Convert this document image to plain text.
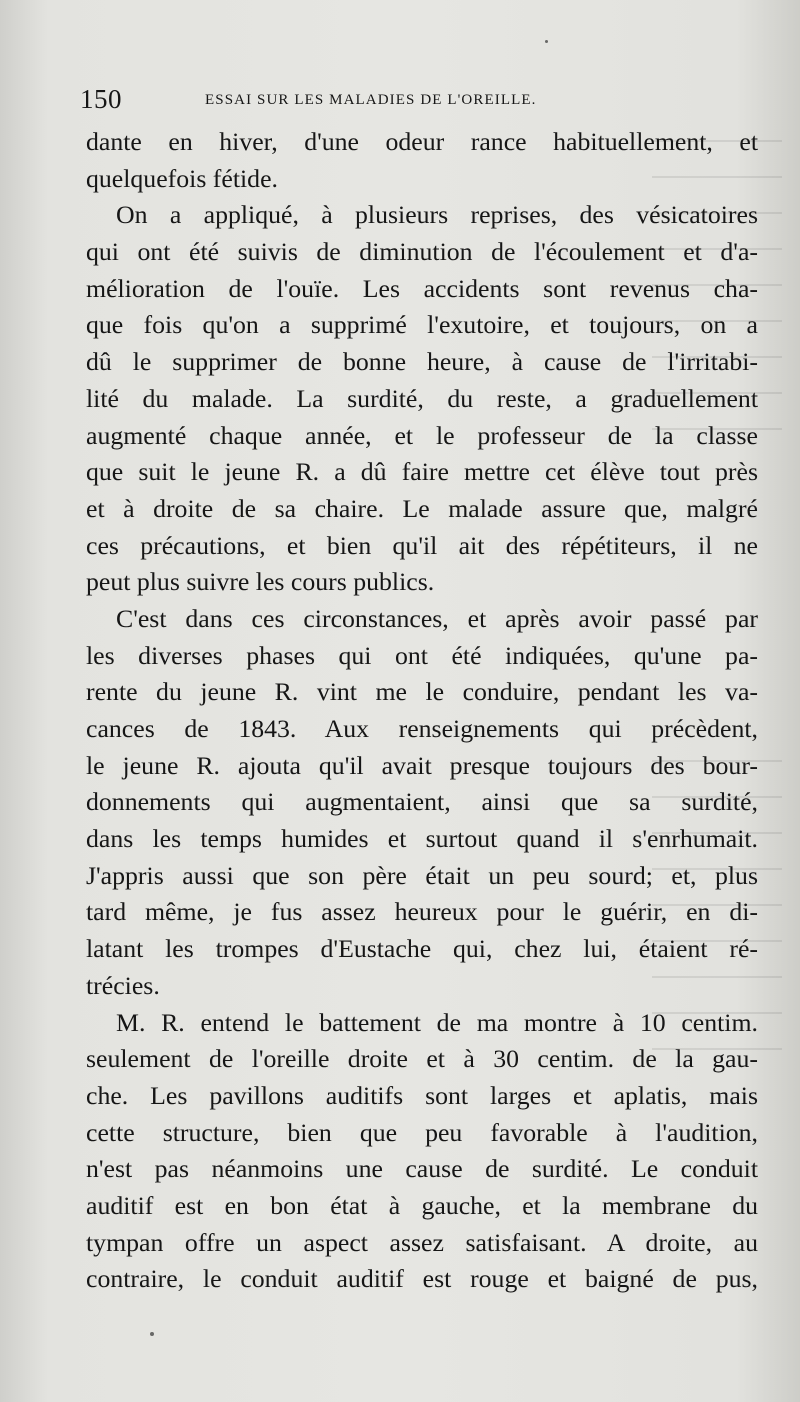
150	ESSAI SUR LES MALADIES DE L'OREILLE.
dante en hiver, d'une odeur rance habituellement, et
quelquefois fétide.
On a appliqué, à plusieurs reprises, des vésicatoires
qui ont été suivis de diminution de l'écoulement et d'a-
mélioration de l'ouïe. Les accidents sont revenus cha-
que fois qu'on a supprimé l'exutoire, et toujours, on a
dû le supprimer de bonne heure, à cause de l'irritabi-
lité du malade. La surdité, du reste, a graduellement
augmenté chaque année, et le professeur de la classe
que suit le jeune R. a dû faire mettre cet élève tout près
et à droite de sa chaire. Le malade assure que, malgré
ces précautions, et bien qu'il ait des répétiteurs, il ne
peut plus suivre les cours publics.
C'est dans ces circonstances, et après avoir passé par
les diverses phases qui ont été indiquées, qu'une pa-
rente du jeune R. vint me le conduire, pendant les va-
cances de 1843. Aux renseignements qui précèdent,
le jeune R. ajouta qu'il avait presque toujours des bour-
donnements qui augmentaient, ainsi que sa surdité,
dans les temps humides et surtout quand il s'enrhumait.
J'appris aussi que son père était un peu sourd; et, plus
tard même, je fus assez heureux pour le guérir, en di-
latant les trompes d'Eustache qui, chez lui, étaient ré-
trécies.
M. R. entend le battement de ma montre à 10 centim.
seulement de l'oreille droite et à 30 centim. de la gau-
che. Les pavillons auditifs sont larges et aplatis, mais
cette structure, bien que peu favorable à l'audition,
n'est pas néanmoins une cause de surdité. Le conduit
auditif est en bon état à gauche, et la membrane du
tympan offre un aspect assez satisfaisant. A droite, au
contraire, le conduit auditif est rouge et baigné de pus,
